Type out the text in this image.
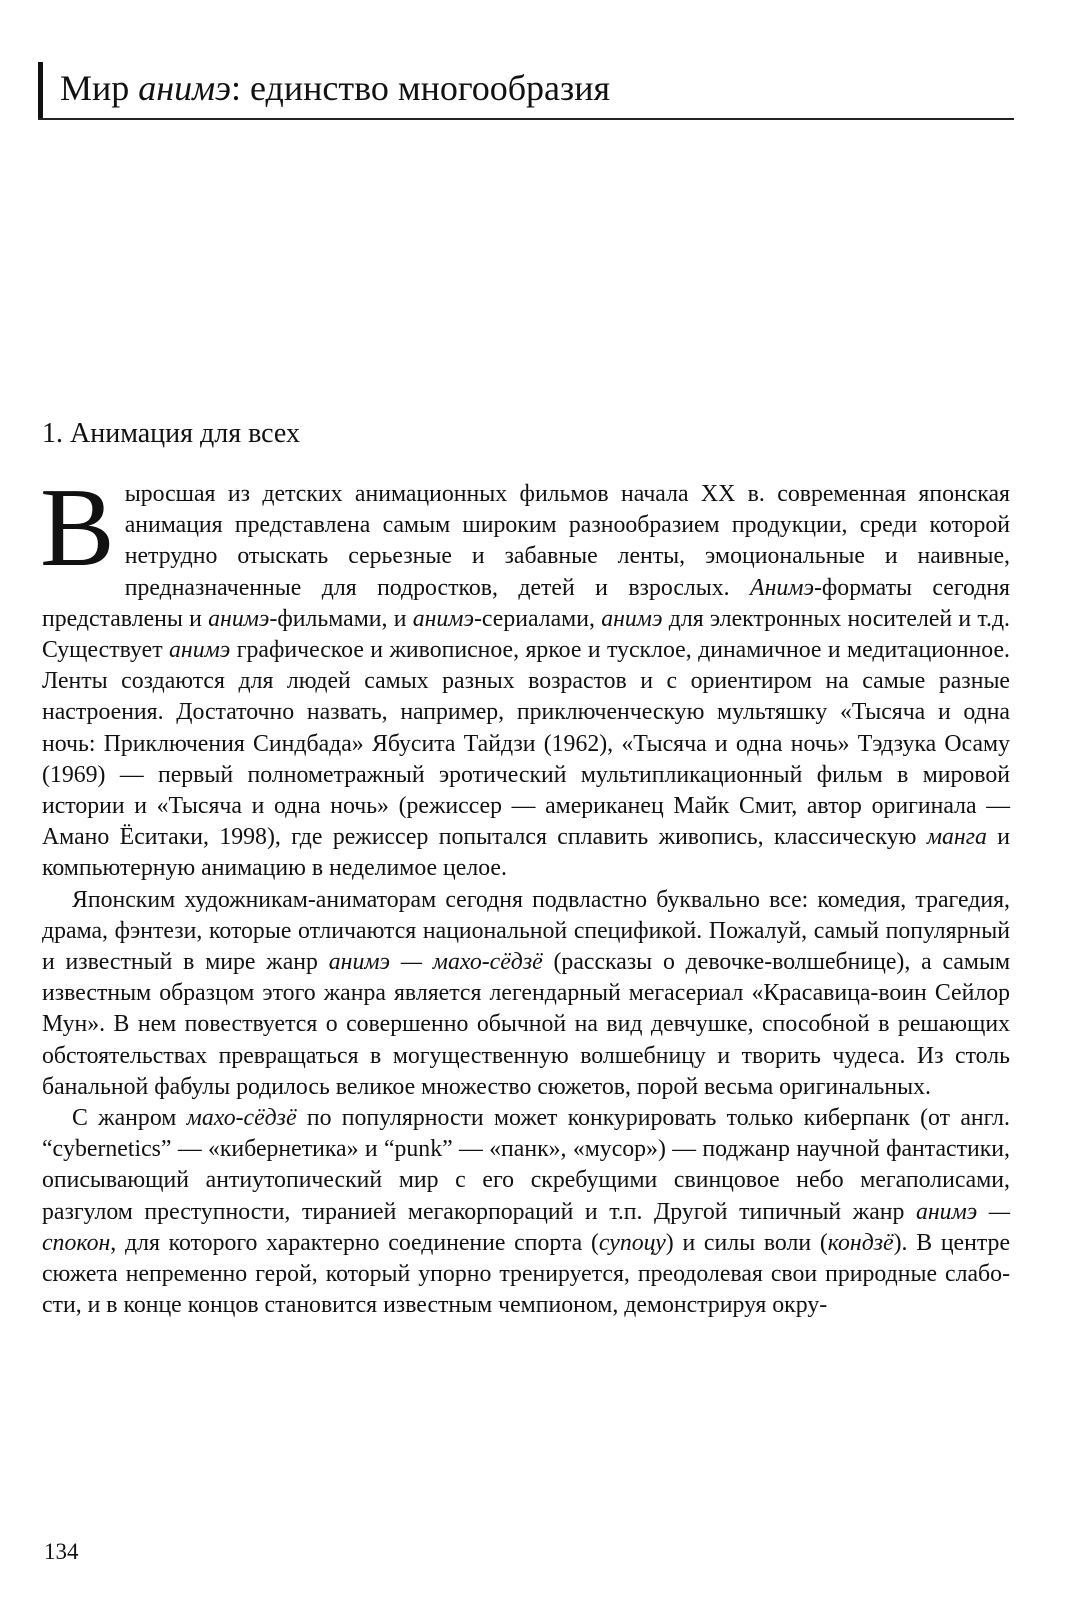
Мир анимэ: единство многообразия
1. Анимация для всех

Выросшая из детских анимационных фильмов начала XX в. современная японская анимация представлена самым широким разнообразием продукции, среди которой нетрудно отыскать серьезные и забавные ленты, эмоциональные и наивные, предназначенные для подростков, детей и взрослых. Анимэ-форматы сегодня представлены и анимэ-фильмами, и анимэ-сериалами, анимэ для электронных носителей и т.д. Существует анимэ графическое и живописное, яркое и тусклое, динамичное и медитационное. Ленты создаются для людей самых разных возрастов и с ориентиром на самые разные настроения. Достаточно назвать, например, приключенческую мультяшку «Тысяча и одна ночь: Приключения Синдбада» Ябусита Тайдзи (1962), «Тысяча и одна ночь» Тэдзука Осаму (1969) — первый полнометражный эротический мультипликационный фильм в мировой истории и «Тысяча и одна ночь» (режиссер — американец Майк Смит, автор оригинала — Амано Ёситаки, 1998), где режиссер попытался сплавить живопись, классическую манга и компьютерную анимацию в неделимое целое.

Японским художникам-аниматорам сегодня подвластно буквально все: комедия, трагедия, драма, фэнтези, которые отличаются национальной спецификой. Пожалуй, самый популярный и известный в мире жанр анимэ — махо-сёдзё (рассказы о девочке-волшебнице), а самым известным образцом этого жанра является легендарный мегасериал «Красавица-воин Сейлор Мун». В нем повествуется о совершенно обычной на вид девчушке, способной в решающих обстоятельствах превращаться в могущественную волшебницу и творить чудеса. Из столь банальной фабулы родилось великое множество сюжетов, порой весьма оригинальных.

С жанром махо-сёдзё по популярности может конкурировать только киберпанк (от англ. “cybernetics” — «кибернетика» и “punk” — «панк», «мусор») — поджанр научной фантастики, описывающий антиутопический мир с его скребущими свинцовое небо мегаполисами, разгулом преступности, тиранией мегакорпораций и т.п. Другой типичный жанр анимэ — спокон, для которого характерно соединение спорта (супоцу) и силы воли (кондзё). В центре сюжета непременно герой, который упорно тренируется, преодолевая свои природные слабости, и в конце концов становится известным чемпионом, демонстрируя окру-

134
